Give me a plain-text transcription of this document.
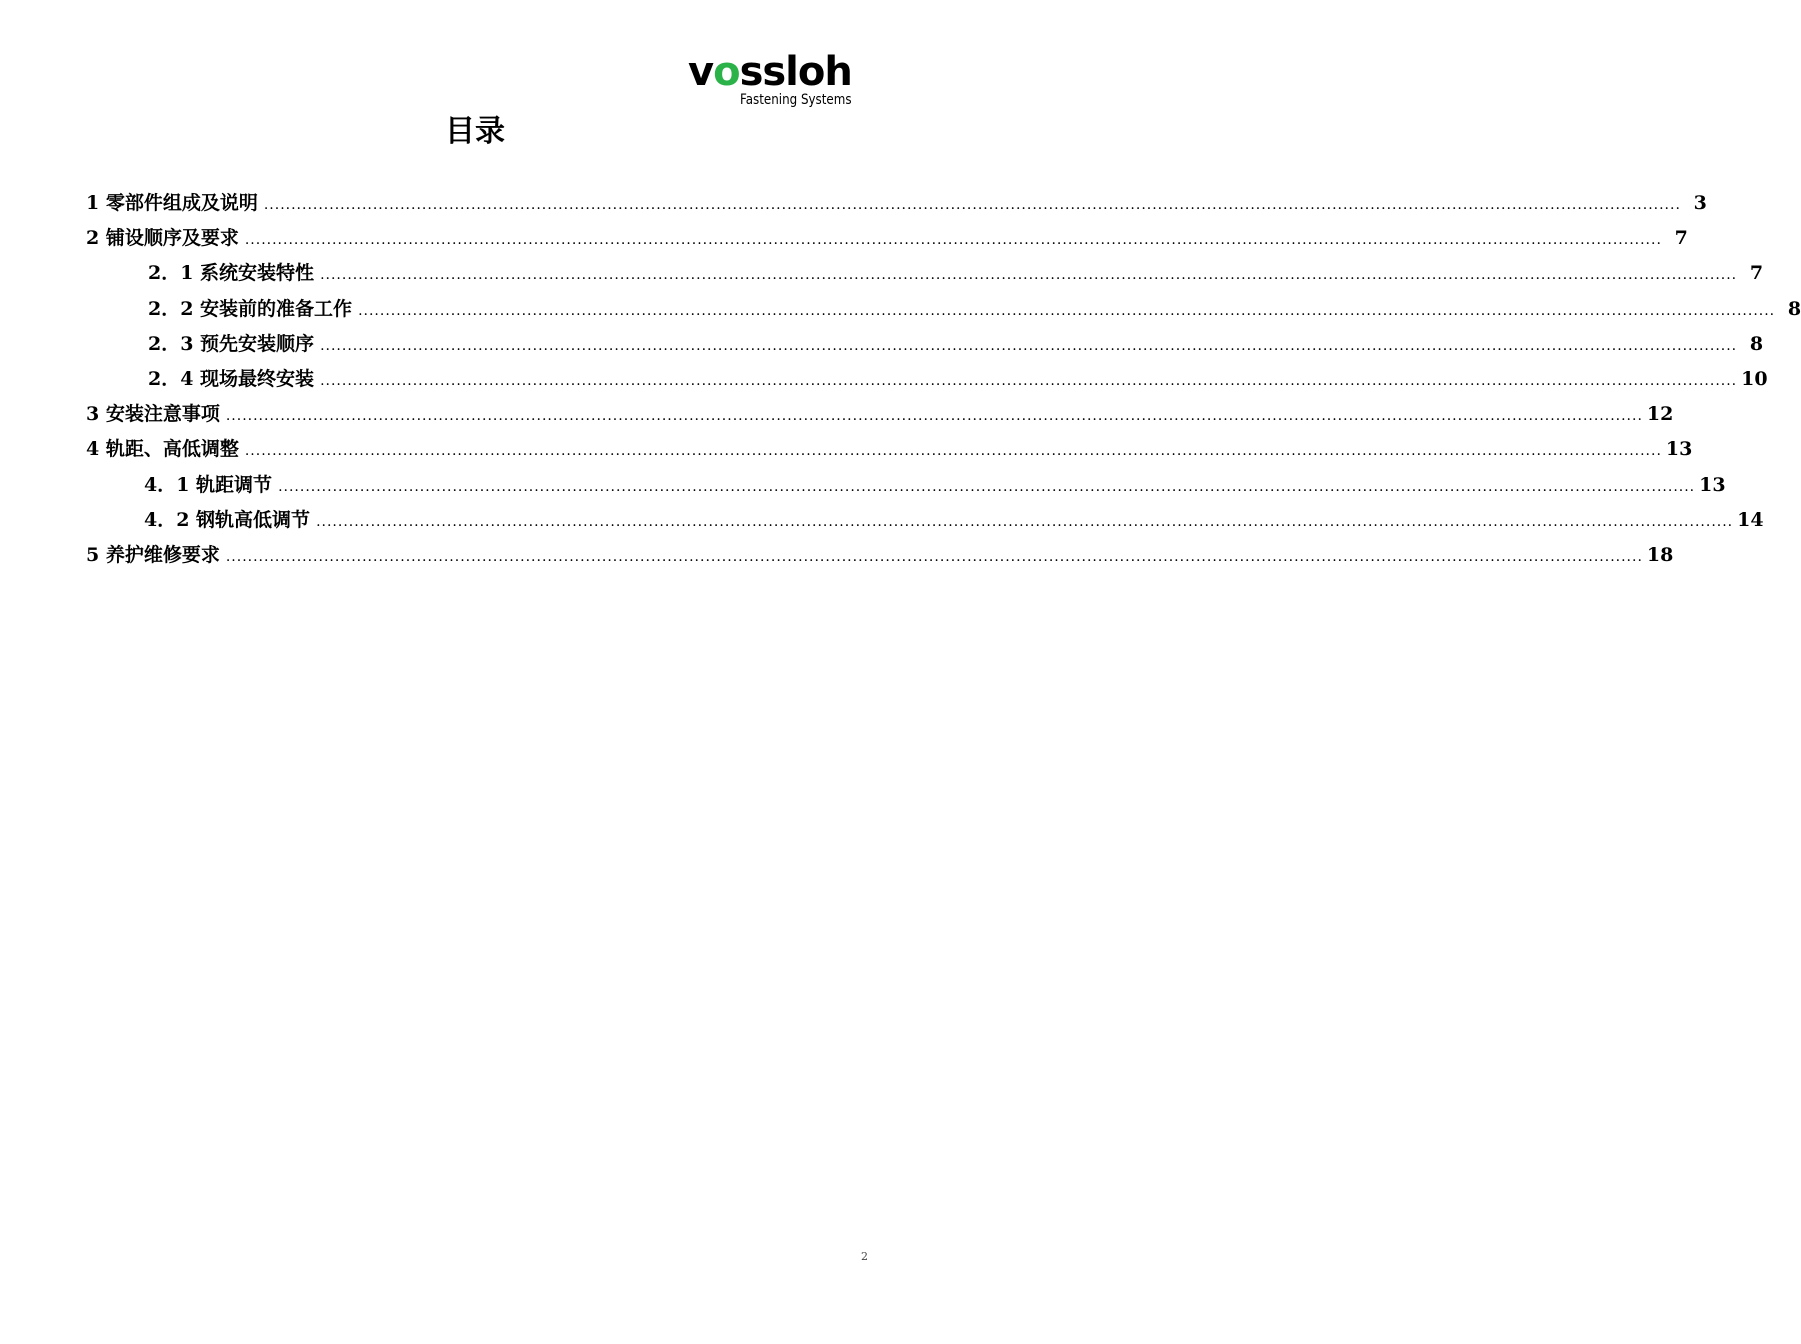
vossloh
Fastening Systems
目录
1 零部件组成及说明 .................................................................................................................................................................................................................................................................... 3
2 铺设顺序及要求 .................................................................................................................................................................................................................................................................... 7
2．1 系统安装特性 .................................................................................................................................................................................................................................................................... 7
2．2 安装前的准备工作 .................................................................................................................................................................................................................................................................... 8
2．3 预先安装顺序 .................................................................................................................................................................................................................................................................... 8
2．4 现场最终安装 .................................................................................................................................................................................................................................................................... 10
3 安装注意事项 .................................................................................................................................................................................................................................................................... 12
4 轨距、高低调整 .................................................................................................................................................................................................................................................................... 13
4．1 轨距调节 .................................................................................................................................................................................................................................................................... 13
4．2 钢轨高低调节 .................................................................................................................................................................................................................................................................... 14
5 养护维修要求 .................................................................................................................................................................................................................................................................... 18
2
